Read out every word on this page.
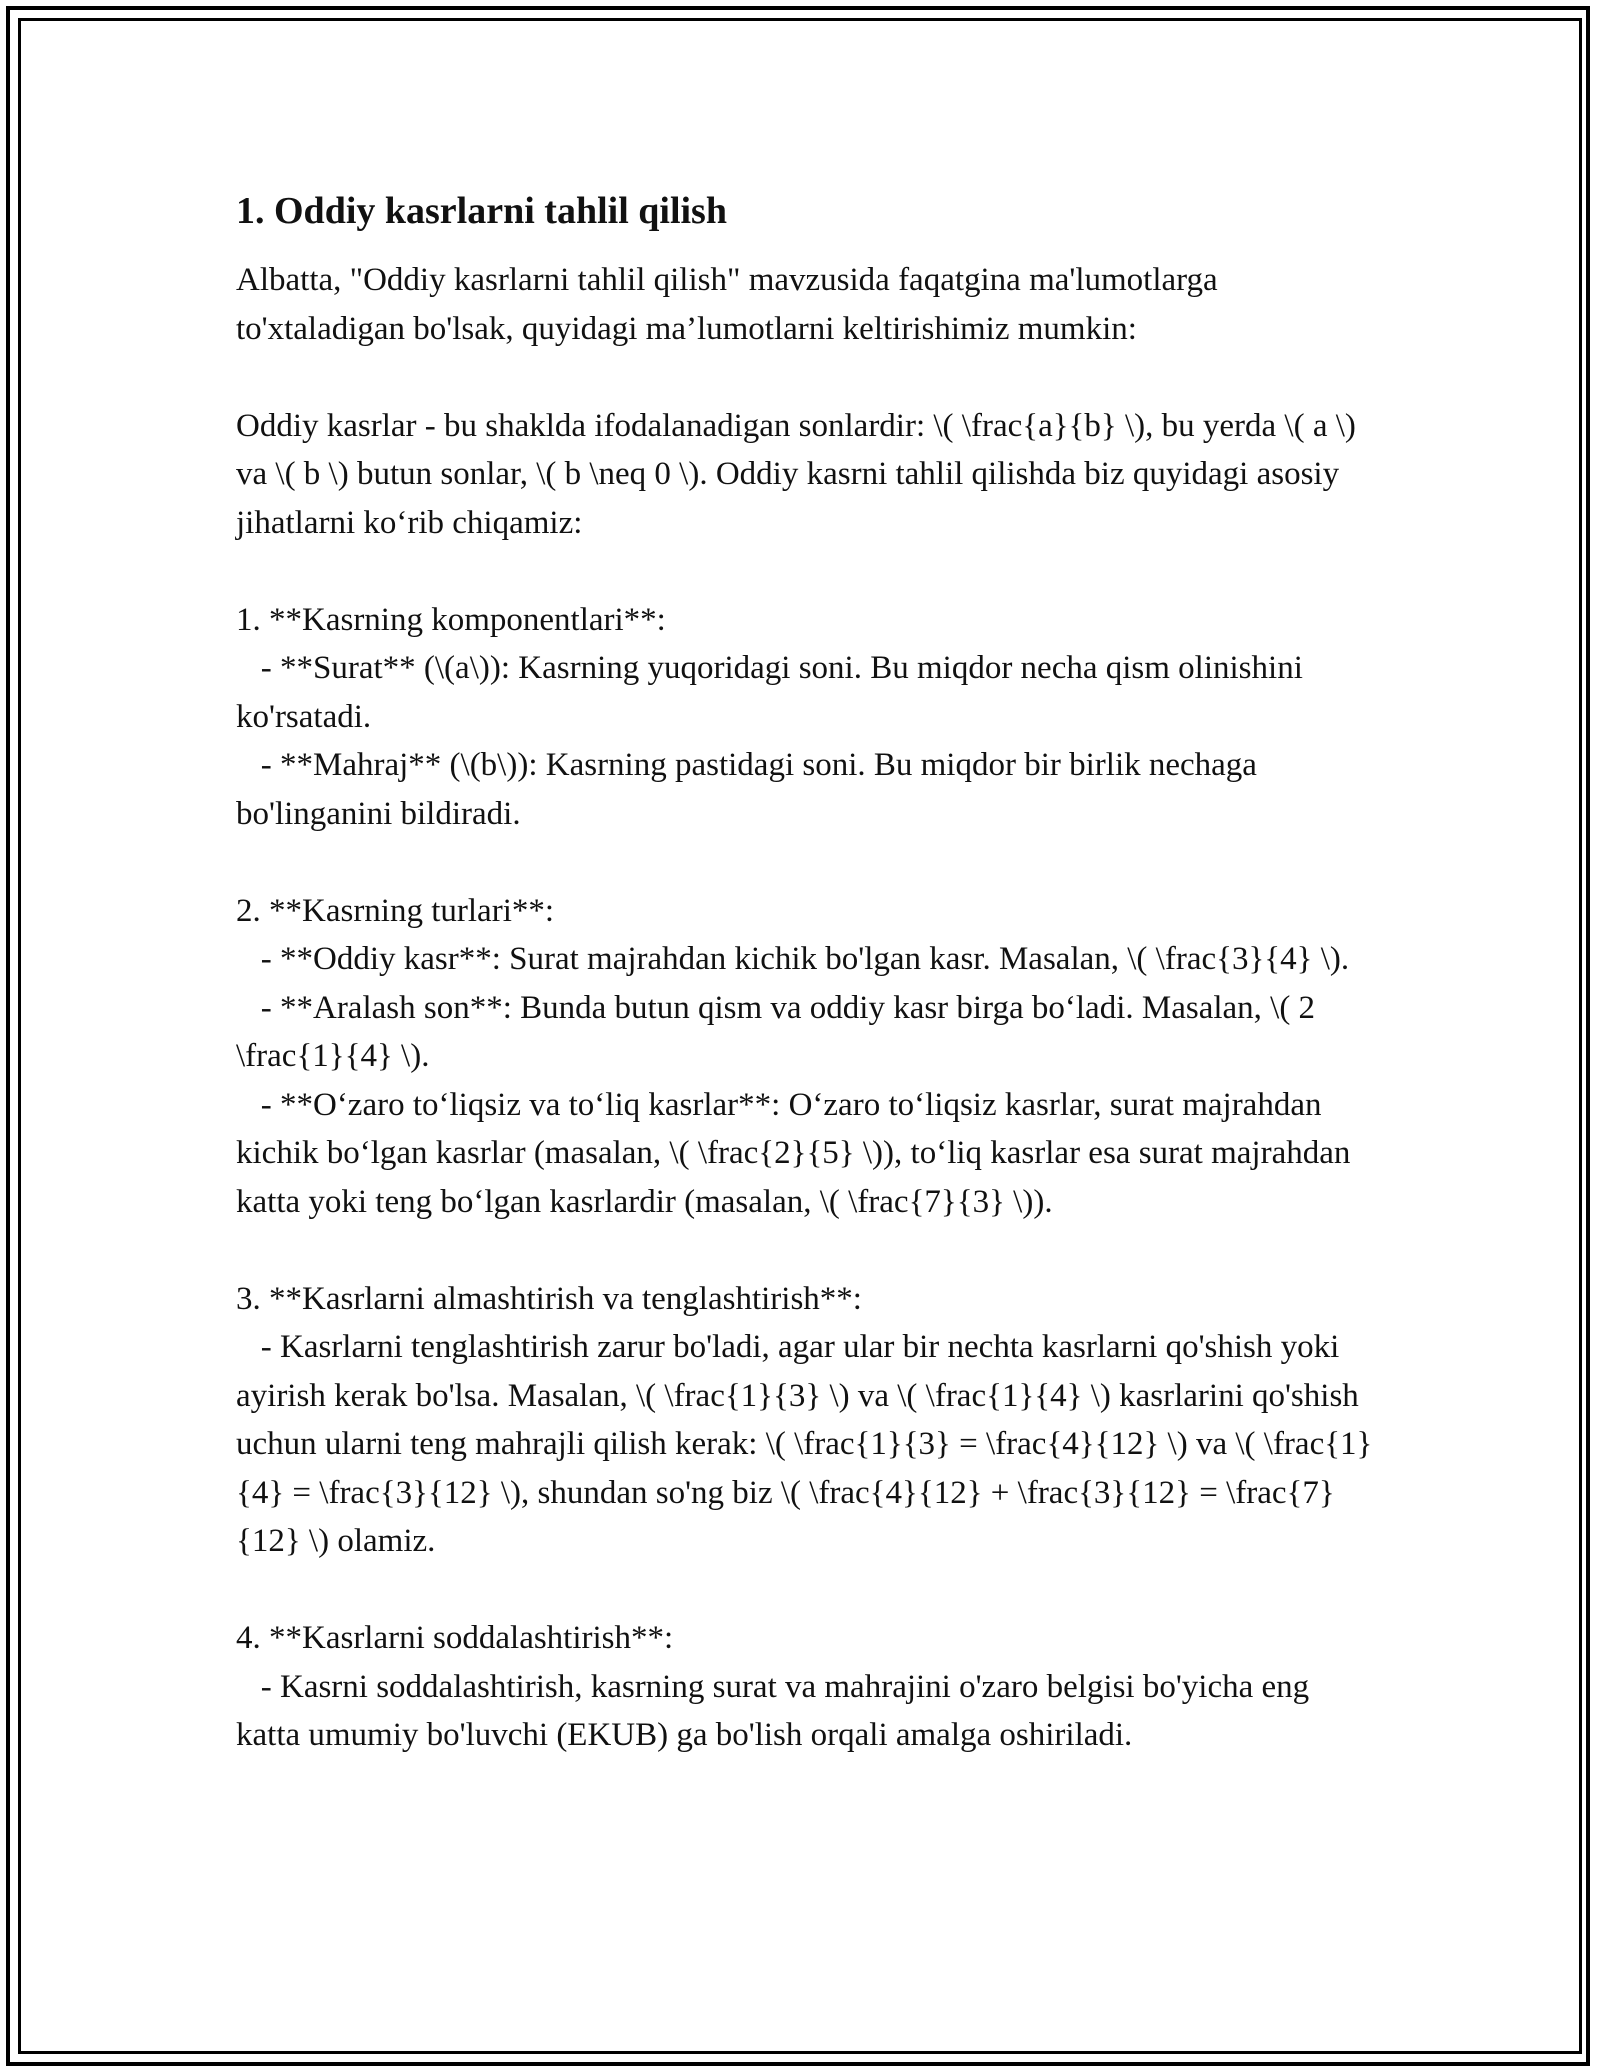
1. Oddiy kasrlarni tahlil qilish

Albatta, "Oddiy kasrlarni tahlil qilish" mavzusida faqatgina ma'lumotlarga to'xtaladigan bo'lsak, quyidagi ma’lumotlarni keltirishimiz mumkin:

Oddiy kasrlar - bu shaklda ifodalanadigan sonlardir: \( \frac{a}{b} \), bu yerda \( a \) va \( b \) butun sonlar, \( b \neq 0 \). Oddiy kasrni tahlil qilishda biz quyidagi asosiy jihatlarni ko‘rib chiqamiz:

1. **Kasrning komponentlari**:

- **Surat** (\(a\)): Kasrning yuqoridagi soni. Bu miqdor necha qism olinishini ko'rsatadi.

- **Mahraj** (\(b\)): Kasrning pastidagi soni. Bu miqdor bir birlik nechaga bo'linganini bildiradi.

2. **Kasrning turlari**:

- **Oddiy kasr**: Surat majrahdan kichik bo'lgan kasr. Masalan, \( \frac{3}{4} \).

- **Aralash son**: Bunda butun qism va oddiy kasr birga bo‘ladi. Masalan, \( 2 \frac{1}{4} \).

- **O‘zaro to‘liqsiz va to‘liq kasrlar**: O‘zaro to‘liqsiz kasrlar, surat majrahdan kichik bo‘lgan kasrlar (masalan, \( \frac{2}{5} \)), to‘liq kasrlar esa surat majrahdan katta yoki teng bo‘lgan kasrlardir (masalan, \( \frac{7}{3} \)).

3. **Kasrlarni almashtirish va tenglashtirish**:

- Kasrlarni tenglashtirish zarur bo'ladi, agar ular bir nechta kasrlarni qo'shish yoki ayirish kerak bo'lsa. Masalan, \( \frac{1}{3} \) va \( \frac{1}{4} \) kasrlarini qo'shish uchun ularni teng mahrajli qilish kerak: \( \frac{1}{3} = \frac{4}{12} \) va \( \frac{1}{4} = \frac{3}{12} \), shundan so'ng biz \( \frac{4}{12} + \frac{3}{12} = \frac{7}{12} \) olamiz.

4. **Kasrlarni soddalashtirish**:

- Kasrni soddalashtirish, kasrning surat va mahrajini o'zaro belgisi bo'yicha eng katta umumiy bo'luvchi (EKUB) ga bo'lish orqali amalga oshiriladi.
